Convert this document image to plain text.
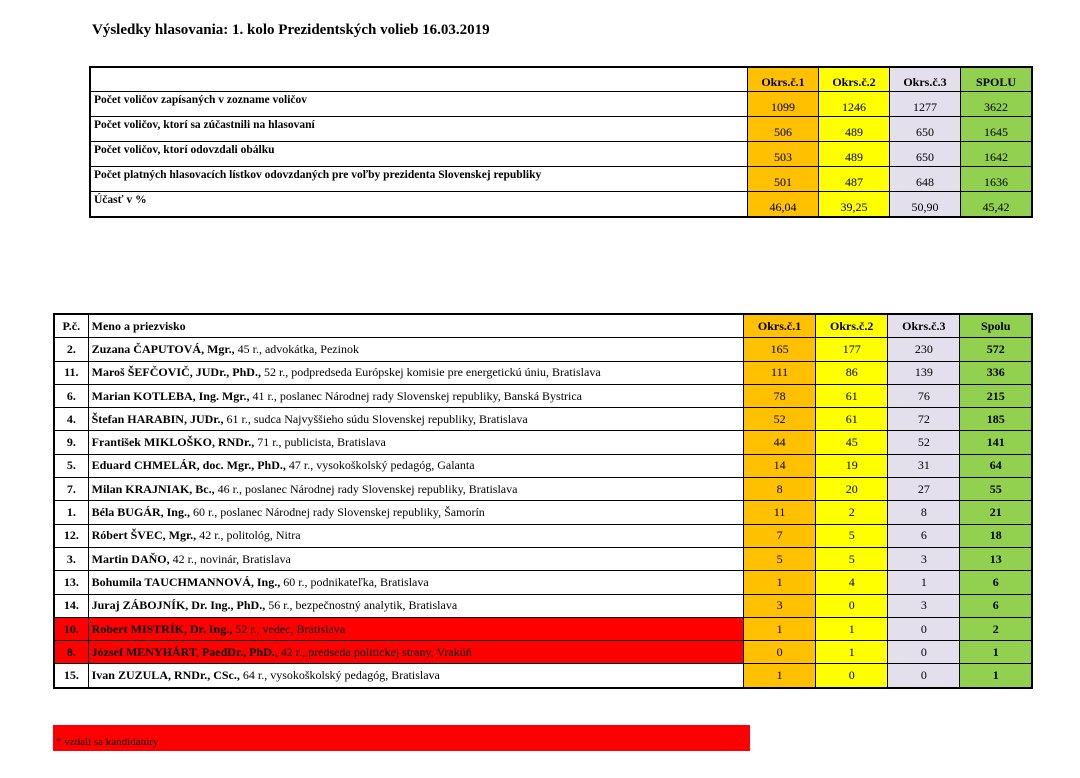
Výsledky hlasovania: 1. kolo Prezidentských volieb 16.03.2019
	Okrs.č.1	Okrs.č.2	Okrs.č.3	SPOLU
Počet voličov zapísaných v zozname voličov	1099	1246	1277	3622
Počet voličov, ktorí sa zúčastnili na hlasovaní	506	489	650	1645
Počet voličov, ktorí odovzdali obálku	503	489	650	1642
Počet platných hlasovacích lístkov odovzdaných pre voľby prezidenta Slovenskej republiky	501	487	648	1636
Účasť v %	46,04	39,25	50,90	45,42
P.č.	Meno a priezvisko	Okrs.č.1	Okrs.č.2	Okrs.č.3	Spolu
2.	Zuzana ČAPUTOVÁ, Mgr., 45 r., advokátka, Pezinok	165	177	230	572
11.	Maroš ŠEFČOVIČ, JUDr., PhD., 52 r., podpredseda Európskej komisie pre energetickú úniu, Bratislava	111	86	139	336
6.	Marian KOTLEBA, Ing. Mgr., 41 r., poslanec Národnej rady Slovenskej republiky, Banská Bystrica	78	61	76	215
4.	Štefan HARABIN, JUDr., 61 r., sudca Najvyššieho súdu Slovenskej republiky, Bratislava	52	61	72	185
9.	František MIKLOŠKO, RNDr., 71 r., publicista, Bratislava	44	45	52	141
5.	Eduard CHMELÁR, doc. Mgr., PhD., 47 r., vysokoškolský pedagóg, Galanta	14	19	31	64
7.	Milan KRAJNIAK, Bc., 46 r., poslanec Národnej rady Slovenskej republiky, Bratislava	8	20	27	55
1.	Béla BUGÁR, Ing., 60 r., poslanec Národnej rady Slovenskej republiky, Šamorín	11	2	8	21
12.	Róbert ŠVEC, Mgr., 42 r., politológ, Nitra	7	5	6	18
3.	Martin DAŇO, 42 r., novinár, Bratislava	5	5	3	13
13.	Bohumila TAUCHMANNOVÁ, Ing., 60 r., podnikateľka, Bratislava	1	4	1	6
14.	Juraj ZÁBOJNÍK, Dr. Ing., PhD., 56 r., bezpečnostný analytik, Bratislava	3	0	3	6
10.	Robert MISTRÍK, Dr. Ing., 52 r., vedec, Bratislava	1	1	0	2
8.	József MENYHÁRT, PaedDr., PhD., 42 r., predseda politickej strany, Vrakúň	0	1	0	1
15.	Ivan ZUZULA, RNDr., CSc., 64 r., vysokoškolský pedagóg, Bratislava	1	0	0	1
* vzdali sa kandidatúry
